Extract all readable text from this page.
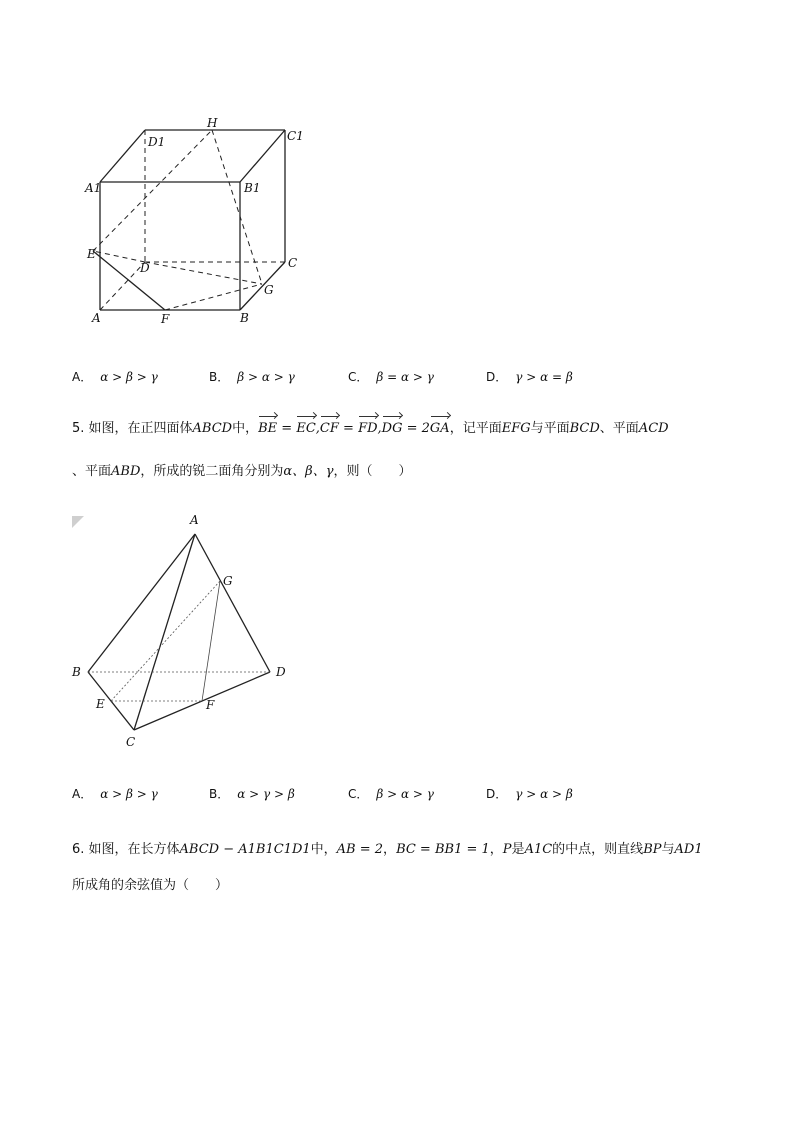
H
D1	C1
A1	B1
E
D	C
G
A	F	B
A． α > β > γ	B． β > α > γ	C． β = α > γ	D． γ > α = β
5. 如图，在正四面体ABCD中，BE = EC,CF = FD,DG = 2GA，记平面EFG与平面BCD、平面ACD
、平面ABD，所成的锐二面角分别为α、β、γ，则（　　）
A
G
B	D
E	F
C
A． α > β > γ	B． α > γ > β	C． β > α > γ	D． γ > α > β
6. 如图，在长方体ABCD − A1B1C1D1中，AB = 2，BC = BB1 = 1，P是A1C的中点，则直线BP与AD1
所成角的余弦值为（　　）
